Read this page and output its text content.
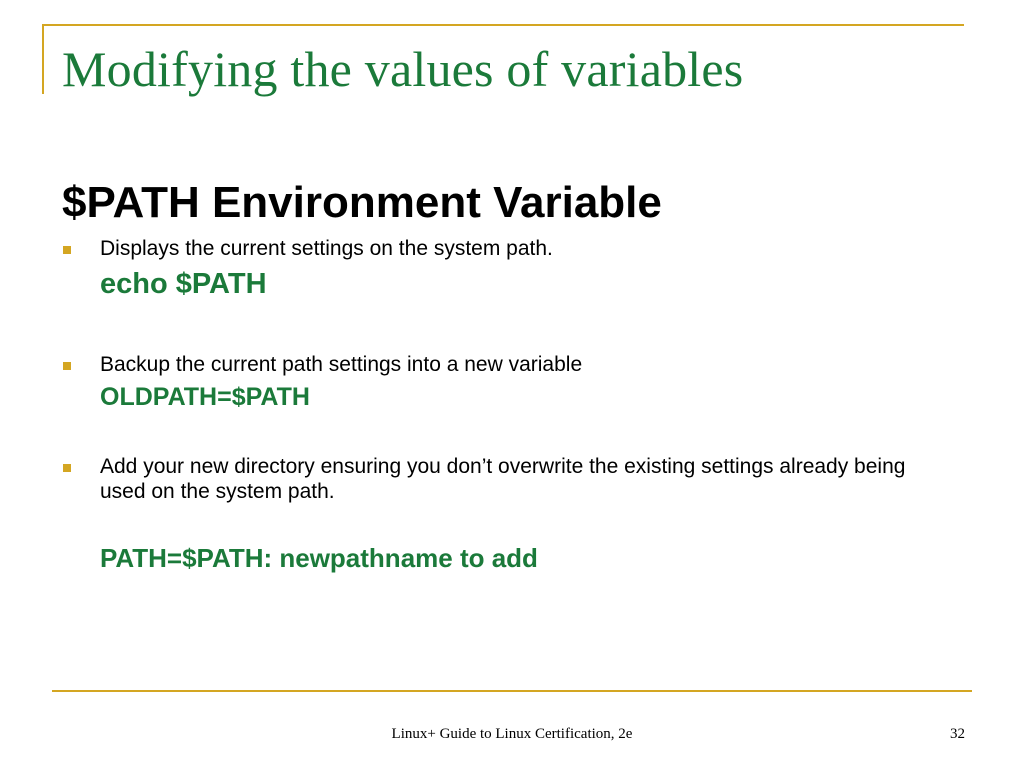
Modifying the values of variables
$PATH Environment Variable
Displays the current settings on the system path.
echo $PATH
Backup the current path settings into a new variable
OLDPATH=$PATH
Add your new directory ensuring you don’t overwrite the existing settings already being used on the system path.
PATH=$PATH: newpathname to add
Linux+ Guide to Linux Certification, 2e	32
